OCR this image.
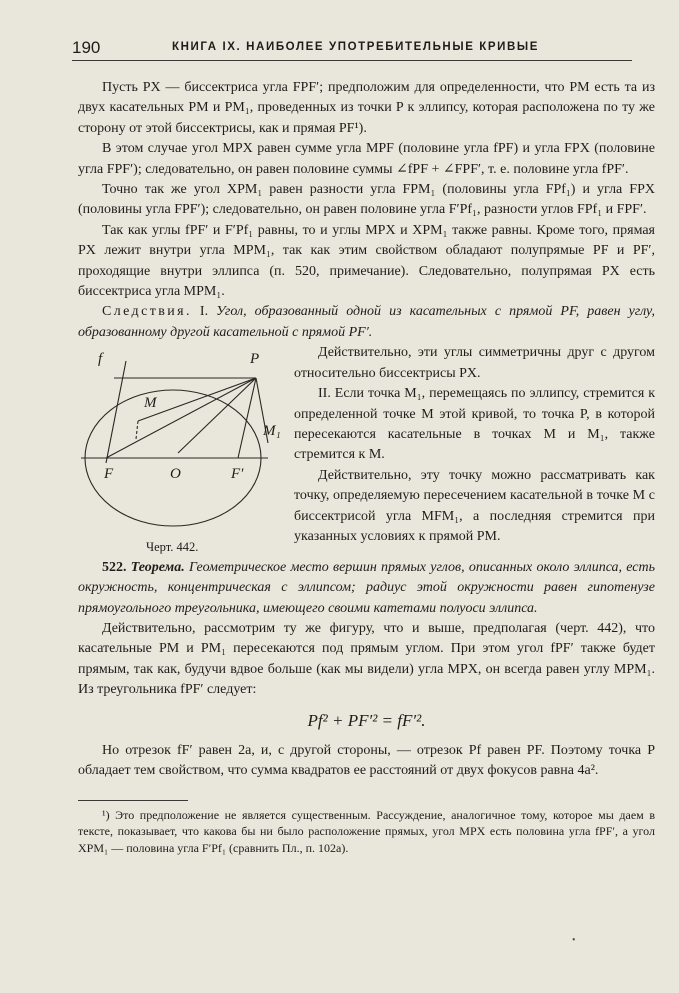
190	КНИГА IX. НАИБОЛЕЕ УПОТРЕБИТЕЛЬНЫЕ КРИВЫЕ

Пусть PX — биссектриса угла FPF′; предположим для определенности, что PM есть та из двух касательных PM и PM₁, проведенных из точки P к эллипсу, которая расположена по ту же сторону от этой биссектрисы, как и прямая PF¹).

В этом случае угол MPX равен сумме угла MPF (половине угла fPF) и угла FPX (половине угла FPF′); следовательно, он равен половине суммы ∠fPF + ∠FPF′, т. е. половине угла fPF′.

Точно так же угол XPM₁ равен разности угла FPM₁ (половины угла FPf₁) и угла FPX (половины угла FPF′); следовательно, он равен половине угла F′Pf₁, разности углов FPf₁ и FPF′.

Так как углы fPF′ и F′Pf₁ равны, то и углы MPX и XPM₁ также равны. Кроме того, прямая PX лежит внутри угла MPM₁, так как этим свойством обладают полупрямые PF и PF′, проходящие внутри эллипса (п. 520, примечание). Следовательно, полупрямая PX есть биссектриса угла MPM₁.

Следствия. I. Угол, образованный одной из касательных с прямой PF, равен углу, образованному другой касательной с прямой PF′.

f	P
M
M₁
F	O	F′
Черт. 442.

Действительно, эти углы симметричны друг с другом относительно биссектрисы PX.

II. Если точка M₁, перемещаясь по эллипсу, стремится к определенной точке M этой кривой, то точка P, в которой пересекаются касательные в точках M и M₁, также стремится к M.

Действительно, эту точку можно рассматривать как точку, определяемую пересечением касательной в точке M с биссектрисой угла MFM₁, а последняя стремится при указанных условиях к прямой PM.

522. Теорема. Геометрическое место вершин прямых углов, описанных около эллипса, есть окружность, концентрическая с эллипсом; радиус этой окружности равен гипотенузе прямоугольного треугольника, имеющего своими катетами полуоси эллипса.

Действительно, рассмотрим ту же фигуру, что и выше, предполагая (черт. 442), что касательные PM и PM₁ пересекаются под прямым углом. При этом угол fPF′ также будет прямым, так как, будучи вдвое больше (как мы видели) угла MPX, он всегда равен углу MPM₁. Из треугольника fPF′ следует:

Pf² + PF′² = fF′².

Но отрезок fF′ равен 2a, и, с другой стороны, — отрезок Pf равен PF. Поэтому точка P обладает тем свойством, что сумма квадратов ее расстояний от двух фокусов равна 4a².

¹) Это предположение не является существенным. Рассуждение, аналогичное тому, которое мы даем в тексте, показывает, что какова бы ни было расположение прямых, угол MPX есть половина угла fPF′, а угол XPM₁ — половина угла F′Pf₁ (сравнить Пл., п. 102а).

•
